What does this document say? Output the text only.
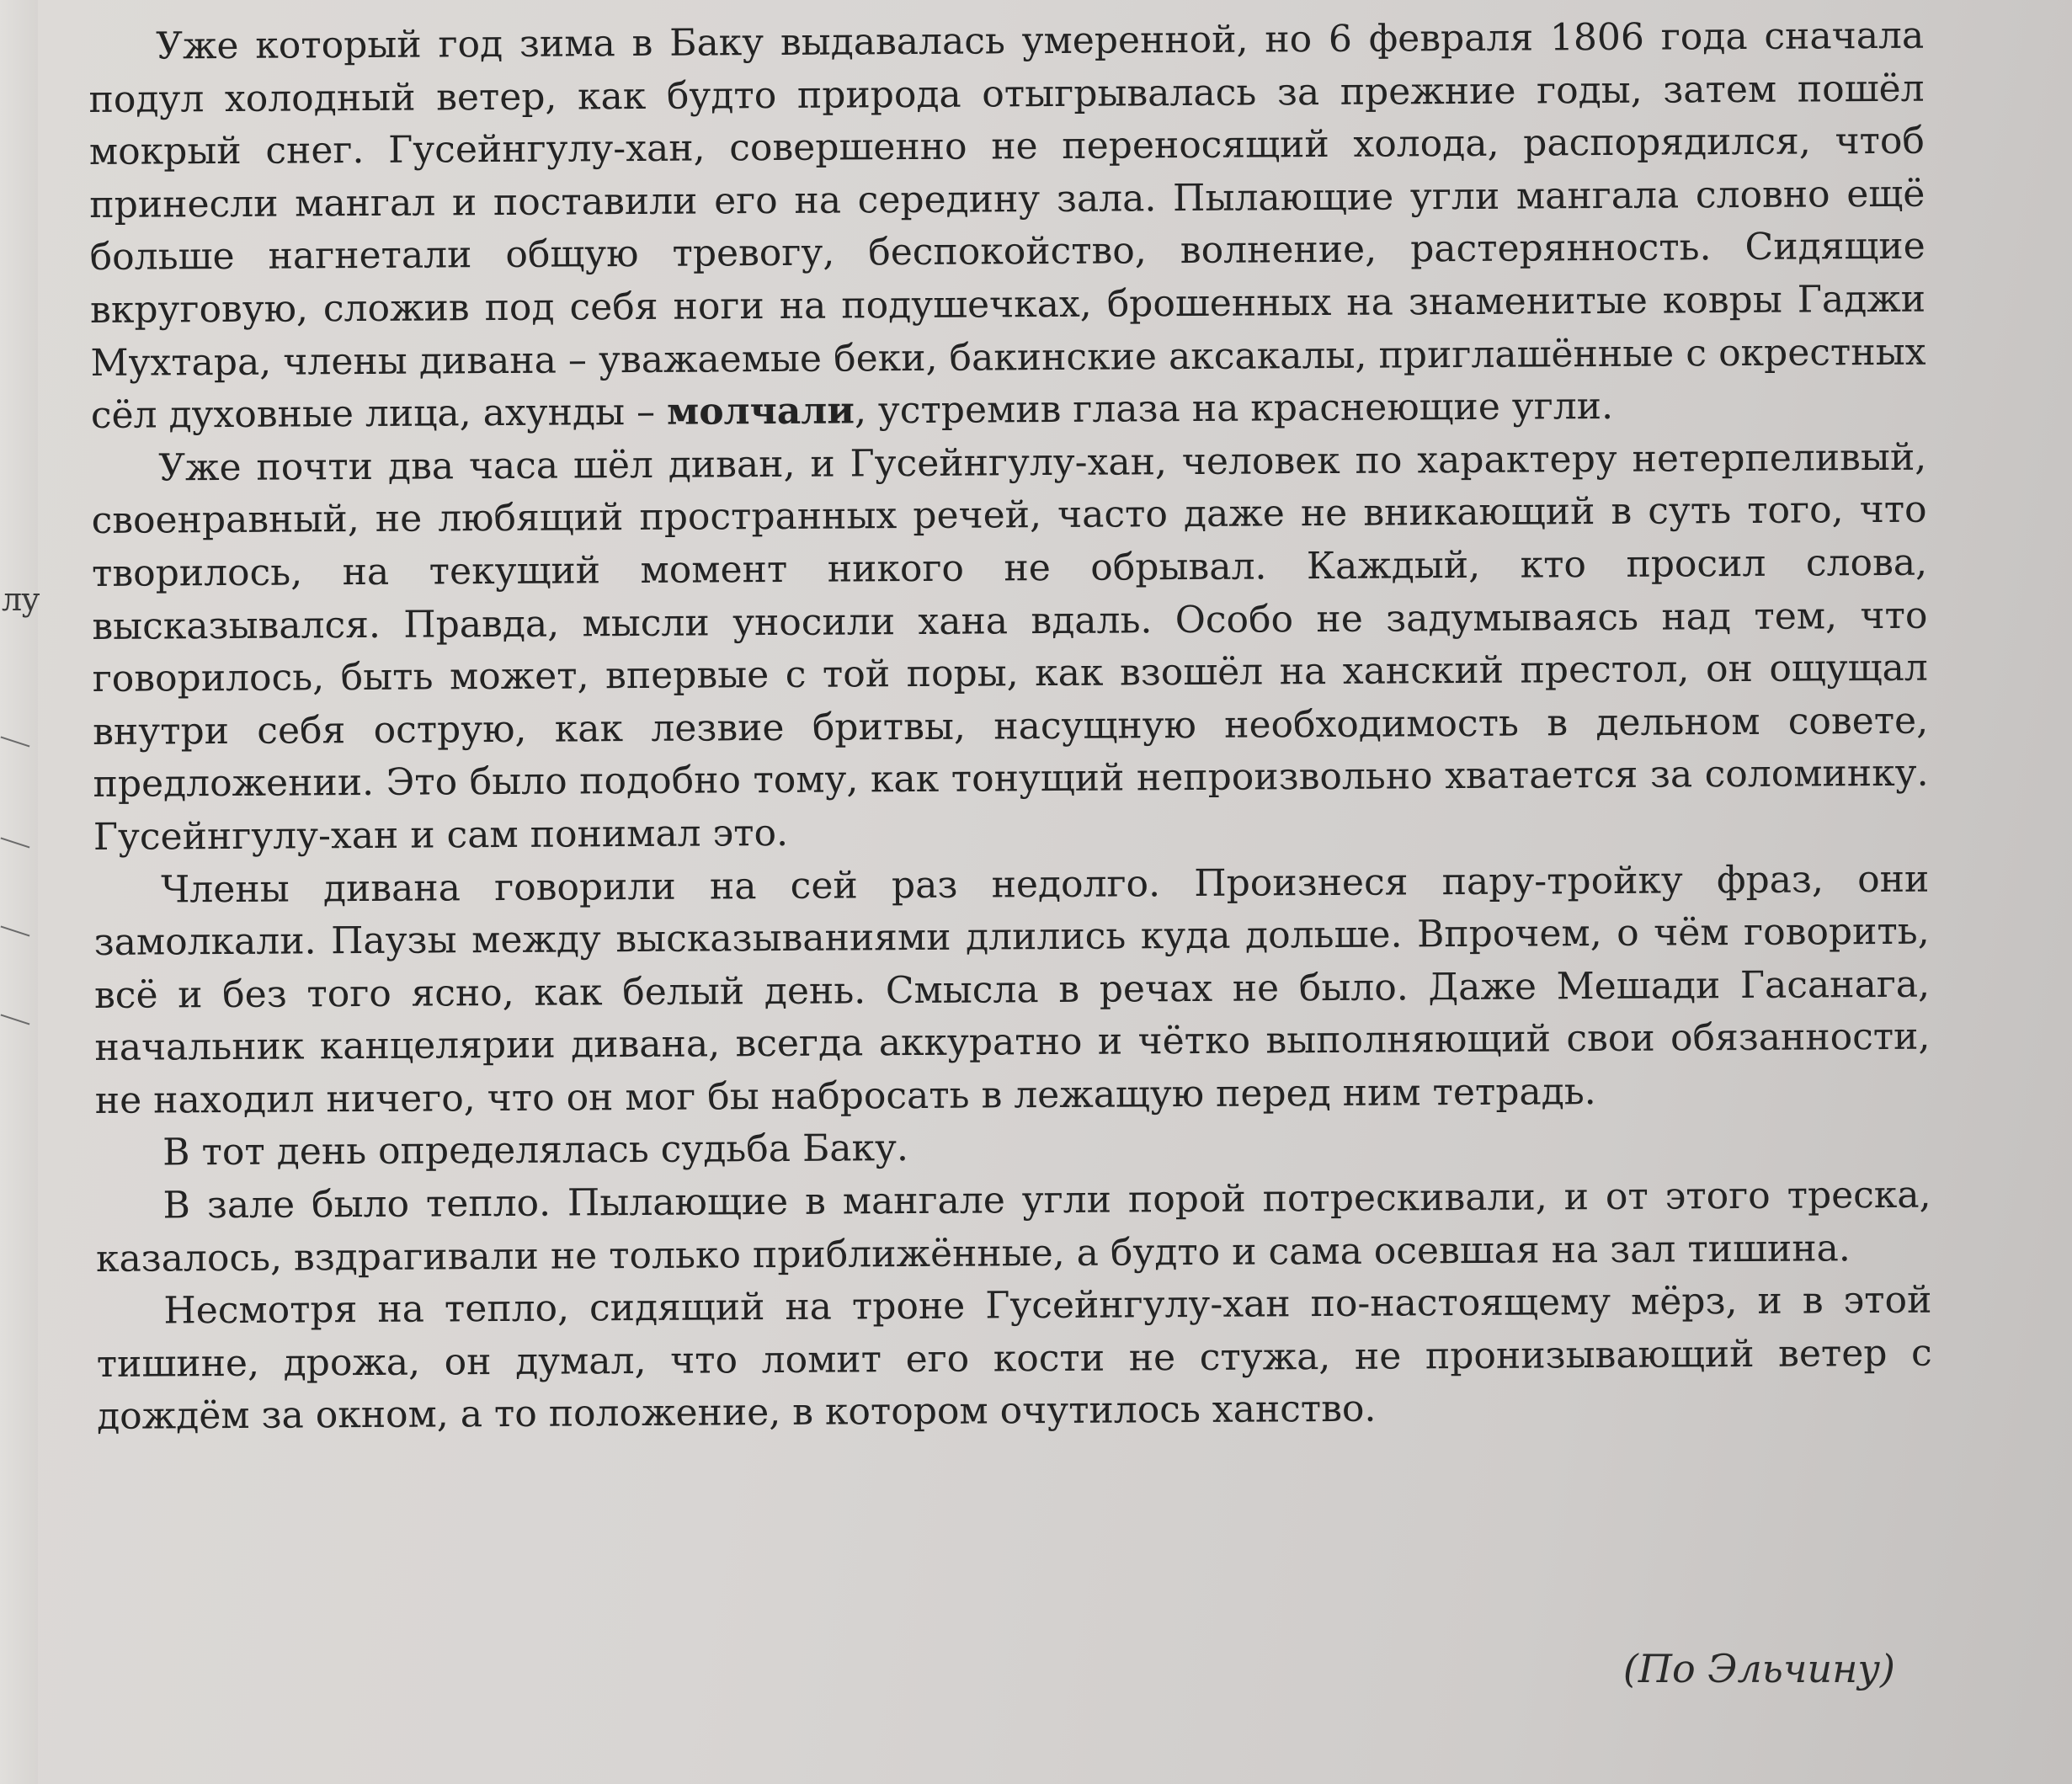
Уже который год зима в Баку выдавалась умеренной, но 6 февраля 1806 года сначала подул холодный ветер, как будто природа отыгрывалась за прежние годы, затем пошёл мокрый снег. Гусейнгулу-хан, совершенно не переносящий холода, распорядился, чтоб принесли мангал и поставили его на середину зала. Пылающие угли мангала словно ещё больше нагнетали общую тревогу, беспокойство, волнение, растерянность. Сидящие вкруговую, сложив под себя ноги на подушечках, брошенных на знаменитые ковры Гаджи Мухтара, члены дивана – уважаемые беки, бакинские аксакалы, приглашённые с окрестных сёл духовные лица, ахунды – молчали, устремив глаза на краснеющие угли.

Уже почти два часа шёл диван, и Гусейнгулу-хан, человек по характеру нетерпеливый, своенравный, не любящий пространных речей, часто даже не вникающий в суть того, что творилось, на текущий момент никого не обрывал. Каждый, кто просил слова, высказывался. Правда, мысли уносили хана вдаль. Особо не задумываясь над тем, что говорилось, быть может, впервые с той поры, как взошёл на ханский престол, он ощущал внутри себя острую, как лезвие бритвы, насущную необходимость в дельном совете, предложении. Это было подобно тому, как тонущий непроизвольно хватается за соломинку. Гусейнгулу-хан и сам понимал это.

Члены дивана говорили на сей раз недолго. Произнеся пару-тройку фраз, они замолкали. Паузы между высказываниями длились куда дольше. Впрочем, о чём говорить, всё и без того ясно, как белый день. Смысла в речах не было. Даже Мешади Гасанага, начальник канцелярии дивана, всегда аккуратно и чётко выполняющий свои обязанности, не находил ничего, что он мог бы набросать в лежащую перед ним тетрадь.

В тот день определялась судьба Баку.

В зале было тепло. Пылающие в мангале угли порой потрескивали, и от этого треска, казалось, вздрагивали не только приближённые, а будто и сама осевшая на зал тишина.

Несмотря на тепло, сидящий на троне Гусейнгулу-хан по-настоящему мёрз, и в этой тишине, дрожа, он думал, что ломит его кости не стужа, не пронизывающий ветер с дождём за окном, а то положение, в котором очутилось ханство.

(По Эльчину)
лу
